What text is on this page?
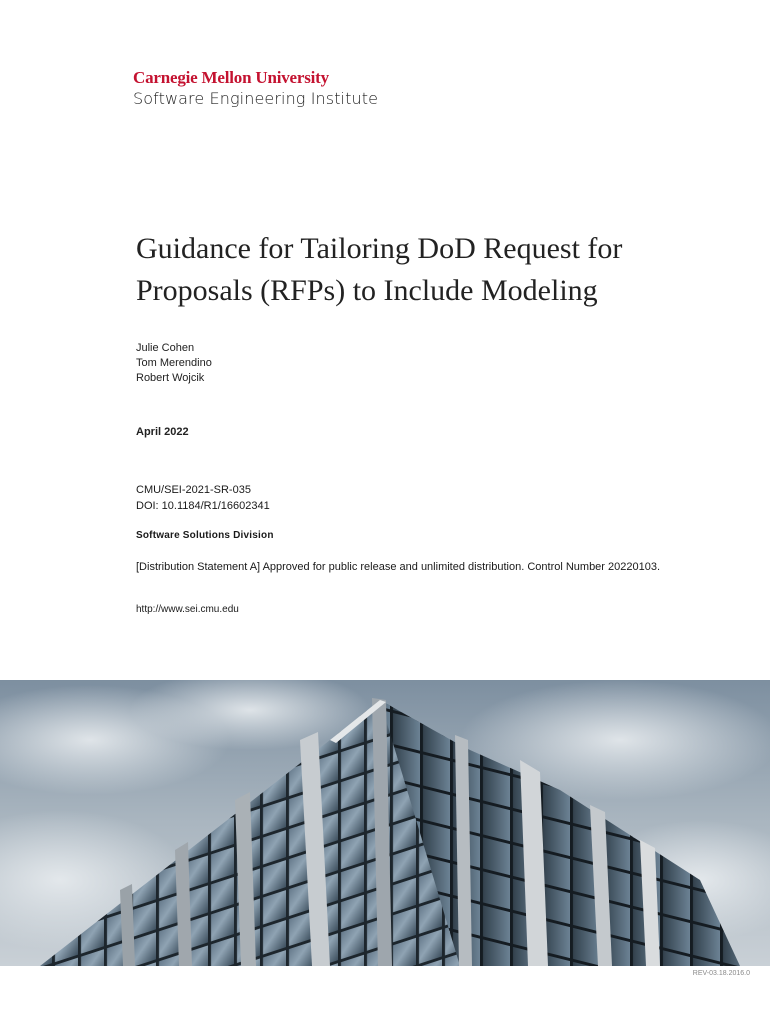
Carnegie Mellon University
Software Engineering Institute
Guidance for Tailoring DoD Request for Proposals (RFPs) to Include Modeling
Julie Cohen
Tom Merendino
Robert Wojcik
April 2022
CMU/SEI-2021-SR-035
DOI: 10.1184/R1/16602341
Software Solutions Division
[Distribution Statement A] Approved for public release and unlimited distribution. Control Number 20220103.
http://www.sei.cmu.edu
REV-03.18.2016.0
